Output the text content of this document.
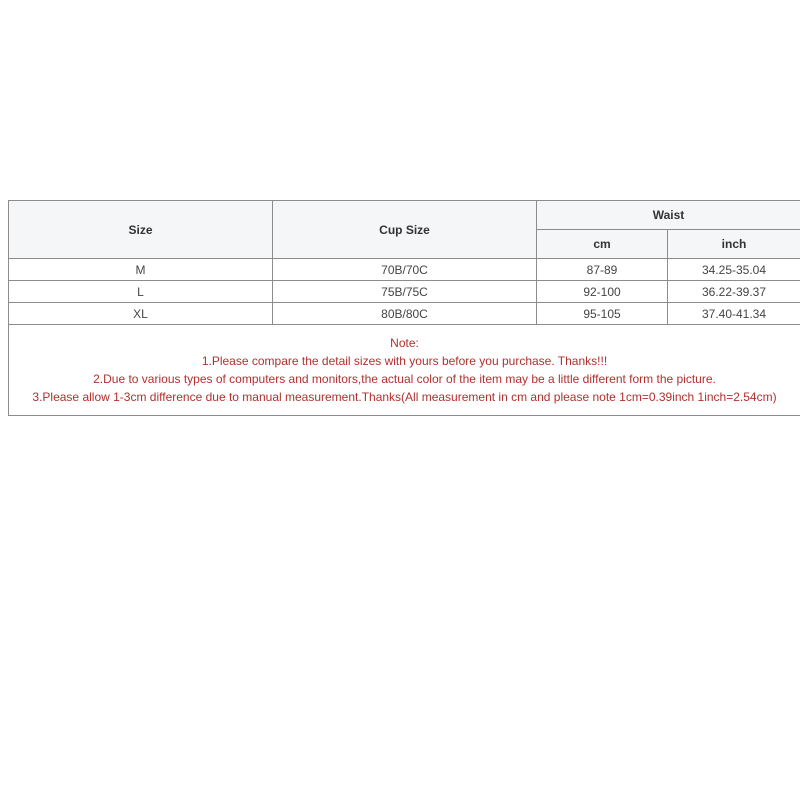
Size	Cup Size	Waist	
		cm	inch
M	70B/70C	87-89	34.25-35.04
L	75B/75C	92-100	36.22-39.37
XL	80B/80C	95-105	37.40-41.34

Note:
1.Please compare the detail sizes with yours before you purchase. Thanks!!!
2.Due to various types of computers and monitors,the actual color of the item may be a little different form the picture.
3.Please allow 1-3cm difference due to manual measurement.Thanks(All measurement in cm and please note 1cm=0.39inch 1inch=2.54cm)			
